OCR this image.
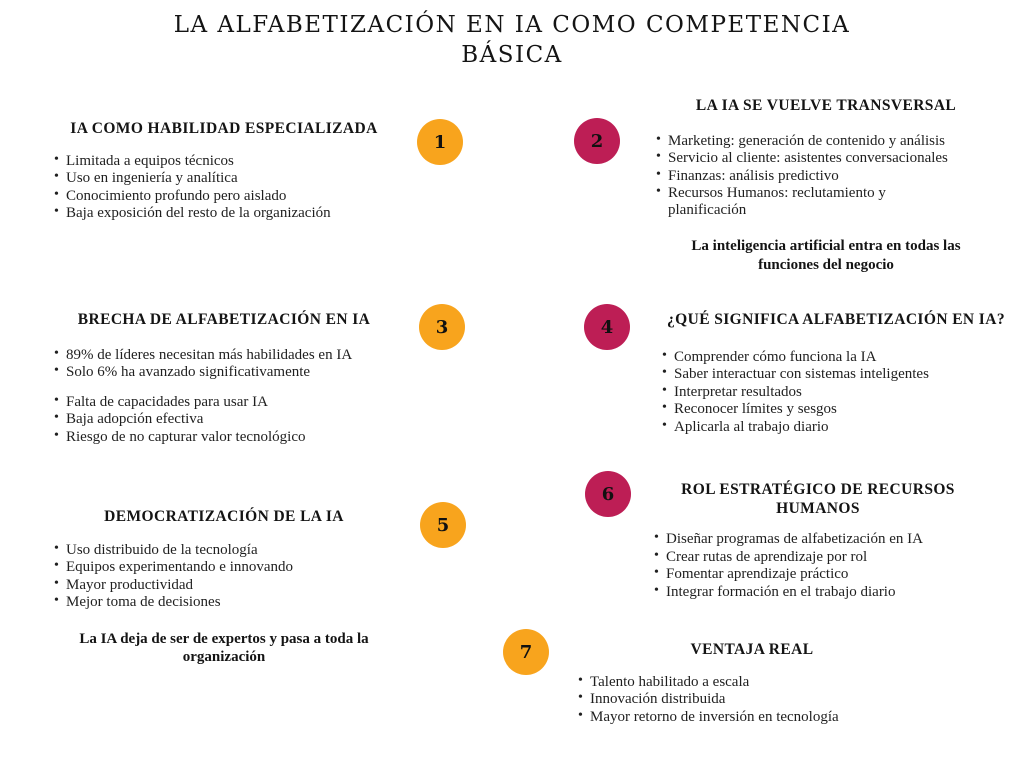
LA ALFABETIZACIÓN EN IA COMO COMPETENCIA BÁSICA
IA COMO HABILIDAD ESPECIALIZADA
• Limitada a equipos técnicos
• Uso en ingeniería y analítica
• Conocimiento profundo pero aislado
• Baja exposición del resto de la organización
LA IA SE VUELVE TRANSVERSAL
• Marketing: generación de contenido y análisis
• Servicio al cliente: asistentes conversacionales
• Finanzas: análisis predictivo
• Recursos Humanos: reclutamiento y planificación

La inteligencia artificial entra en todas las funciones del negocio

BRECHA DE ALFABETIZACIÓN EN IA
• 89% de líderes necesitan más habilidades en IA
• Solo 6% ha avanzado significativamente
• Falta de capacidades para usar IA
• Baja adopción efectiva
• Riesgo de no capturar valor tecnológico
¿QUÉ SIGNIFICA ALFABETIZACIÓN EN IA?
• Comprender cómo funciona la IA
• Saber interactuar con sistemas inteligentes
• Interpretar resultados
• Reconocer límites y sesgos
• Aplicarla al trabajo diario
DEMOCRATIZACIÓN DE LA IA
• Uso distribuido de la tecnología
• Equipos experimentando e innovando
• Mayor productividad
• Mejor toma de decisiones

La IA deja de ser de expertos y pasa a toda la organización

ROL ESTRATÉGICO DE RECURSOS HUMANOS
• Diseñar programas de alfabetización en IA
• Crear rutas de aprendizaje por rol
• Fomentar aprendizaje práctico
• Integrar formación en el trabajo diario
VENTAJA REAL
• Talento habilitado a escala
• Innovación distribuida
• Mayor retorno de inversión en tecnología
1	2
3	4
5
6
7
